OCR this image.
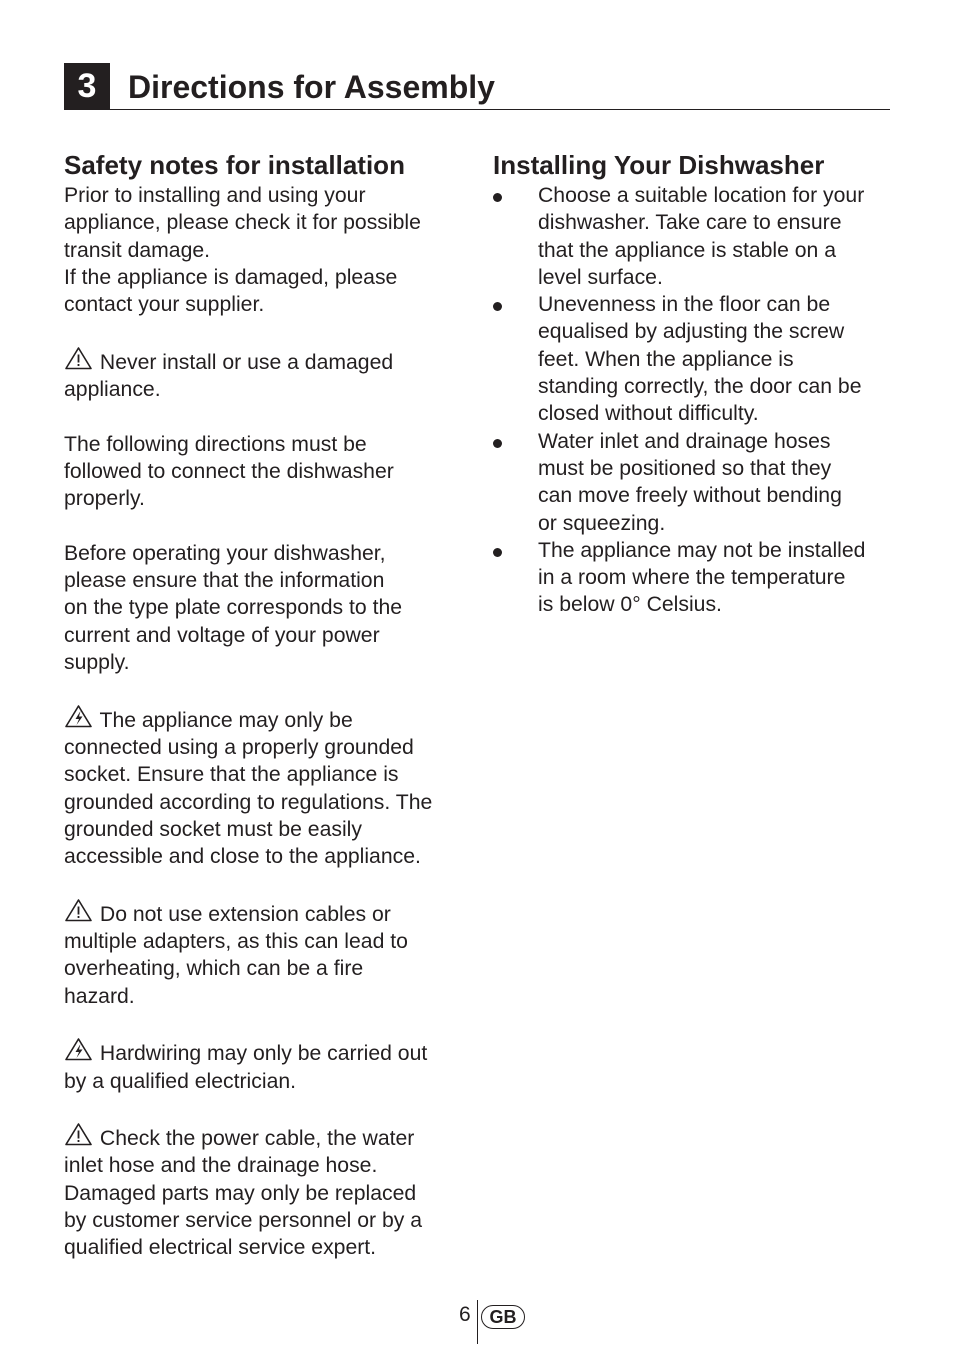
3 Directions for Assembly
Safety notes for installation
Prior to installing and using your
appliance, please check it for possible
transit damage.
If the appliance is damaged, please
contact your supplier.
Never install or use a damaged
appliance.
The following directions must be
followed to connect the dishwasher
properly.
Before operating your dishwasher,
please ensure that the information
on the type plate corresponds to the
current and voltage of your power
supply.
The appliance may only be
connected using a properly grounded
socket. Ensure that the appliance is
grounded according to regulations. The
grounded socket must be easily
accessible and close to the appliance.
Do not use extension cables or
multiple adapters, as this can lead to
overheating, which can be a fire
hazard.
Hardwiring may only be carried out
by a qualified electrician.
Check the power cable, the water
inlet hose and the drainage hose.
Damaged parts may only be replaced
by customer service personnel or by a
qualified electrical service expert.
Installing Your Dishwasher
Choose a suitable location for your
dishwasher. Take care to ensure
that the appliance is stable on a
level surface.
Unevenness in the floor can be
equalised by adjusting the screw
feet. When the appliance is
standing correctly, the door can be
closed without difficulty.
Water inlet and drainage hoses
must be positioned so that they
can move freely without bending
or squeezing.
The appliance may not be installed
in a room where the temperature
is below 0° Celsius.
6	GB
